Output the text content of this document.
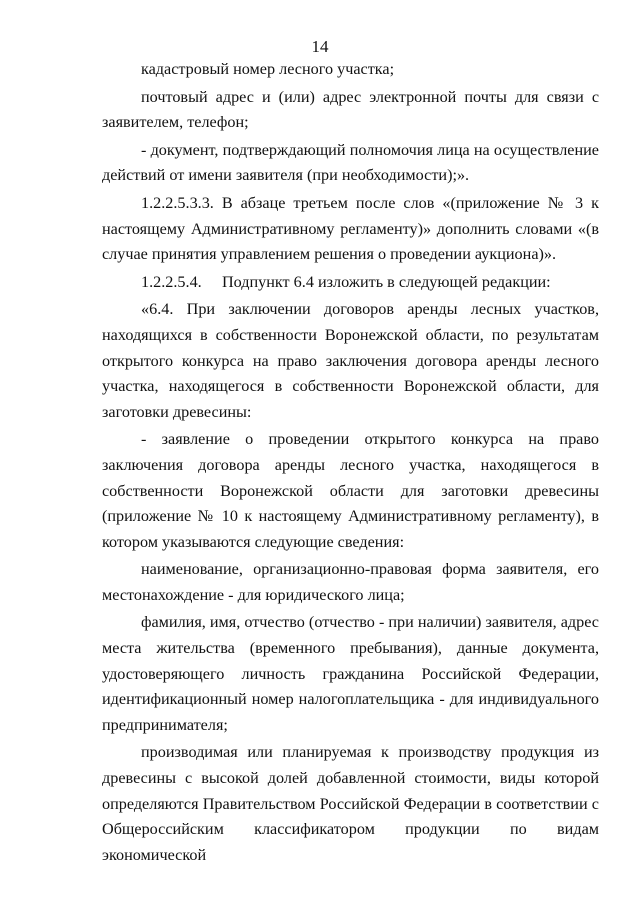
14

кадастровый номер лесного участка;

почтовый адрес и (или) адрес электронной почты для связи с заявителем, телефон;

- документ, подтверждающий полномочия лица на осуществление действий от имени заявителя (при необходимости);».

1.2.2.5.3.3. В абзаце третьем после слов «(приложение № 3 к настоящему Административному регламенту)» дополнить словами «(в случае принятия управлением решения о проведении аукциона)».

1.2.2.5.4.     Подпункт 6.4 изложить в следующей редакции:

«6.4. При заключении договоров аренды лесных участков, находящихся в собственности Воронежской области, по результатам открытого конкурса на право заключения договора аренды лесного участка, находящегося в собственности Воронежской области, для заготовки древесины:

- заявление о проведении открытого конкурса на право заключения договора аренды лесного участка, находящегося в собственности Воронежской области для заготовки древесины (приложение № 10 к настоящему Административному регламенту), в котором указываются следующие сведения:

наименование, организационно-правовая форма заявителя, его местонахождение - для юридического лица;

фамилия, имя, отчество (отчество - при наличии) заявителя, адрес места жительства (временного пребывания), данные документа, удостоверяющего личность гражданина Российской Федерации, идентификационный номер налогоплательщика - для индивидуального предпринимателя;

производимая или планируемая к производству продукция из древесины с высокой долей добавленной стоимости, виды которой определяются Правительством Российской Федерации в соответствии с Общероссийским классификатором продукции по видам экономической
